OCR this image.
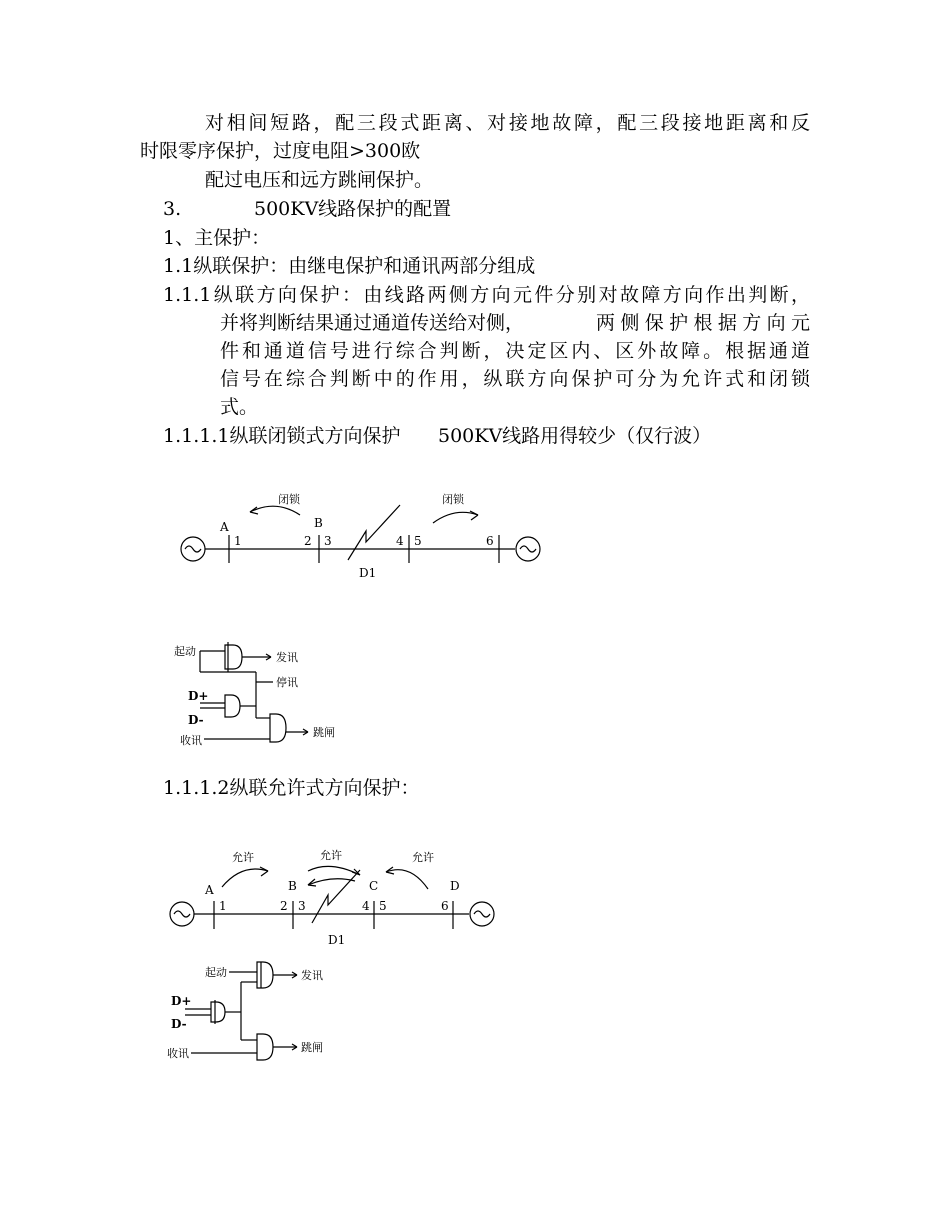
对相间短路，配三段式距离、对接地故障，配三段接地距离和反
时限零序保护，过度电阻>300欧
配过电压和远方跳闸保护。
3.	500KV线路保护的配置
1、主保护：
1.1纵联保护：由继电保护和通讯两部分组成
1.1.1纵联方向保护：由线路两侧方向元件分别对故障方向作出判断，
并将判断结果通过通道传送给对侧，	两侧保护根据方向元
件和通道信号进行综合判断，决定区内、区外故障。根据通道
信号在综合判断中的作用，纵联方向保护可分为允许式和闭锁
式。
1.1.1.1纵联闭锁式方向保护 500KV线路用得较少（仅行波）
1.1.1.2纵联允许式方向保护：
A	B
1	2 3	4 5	6
D1
闭锁	闭锁
起动	发讯
停讯
D+
D-
收讯
跳闸
A	B	C	D
1	2 3	4 5	6
D1
允许	允许	允许
起动	发讯
D+
D-
收讯	跳闸
